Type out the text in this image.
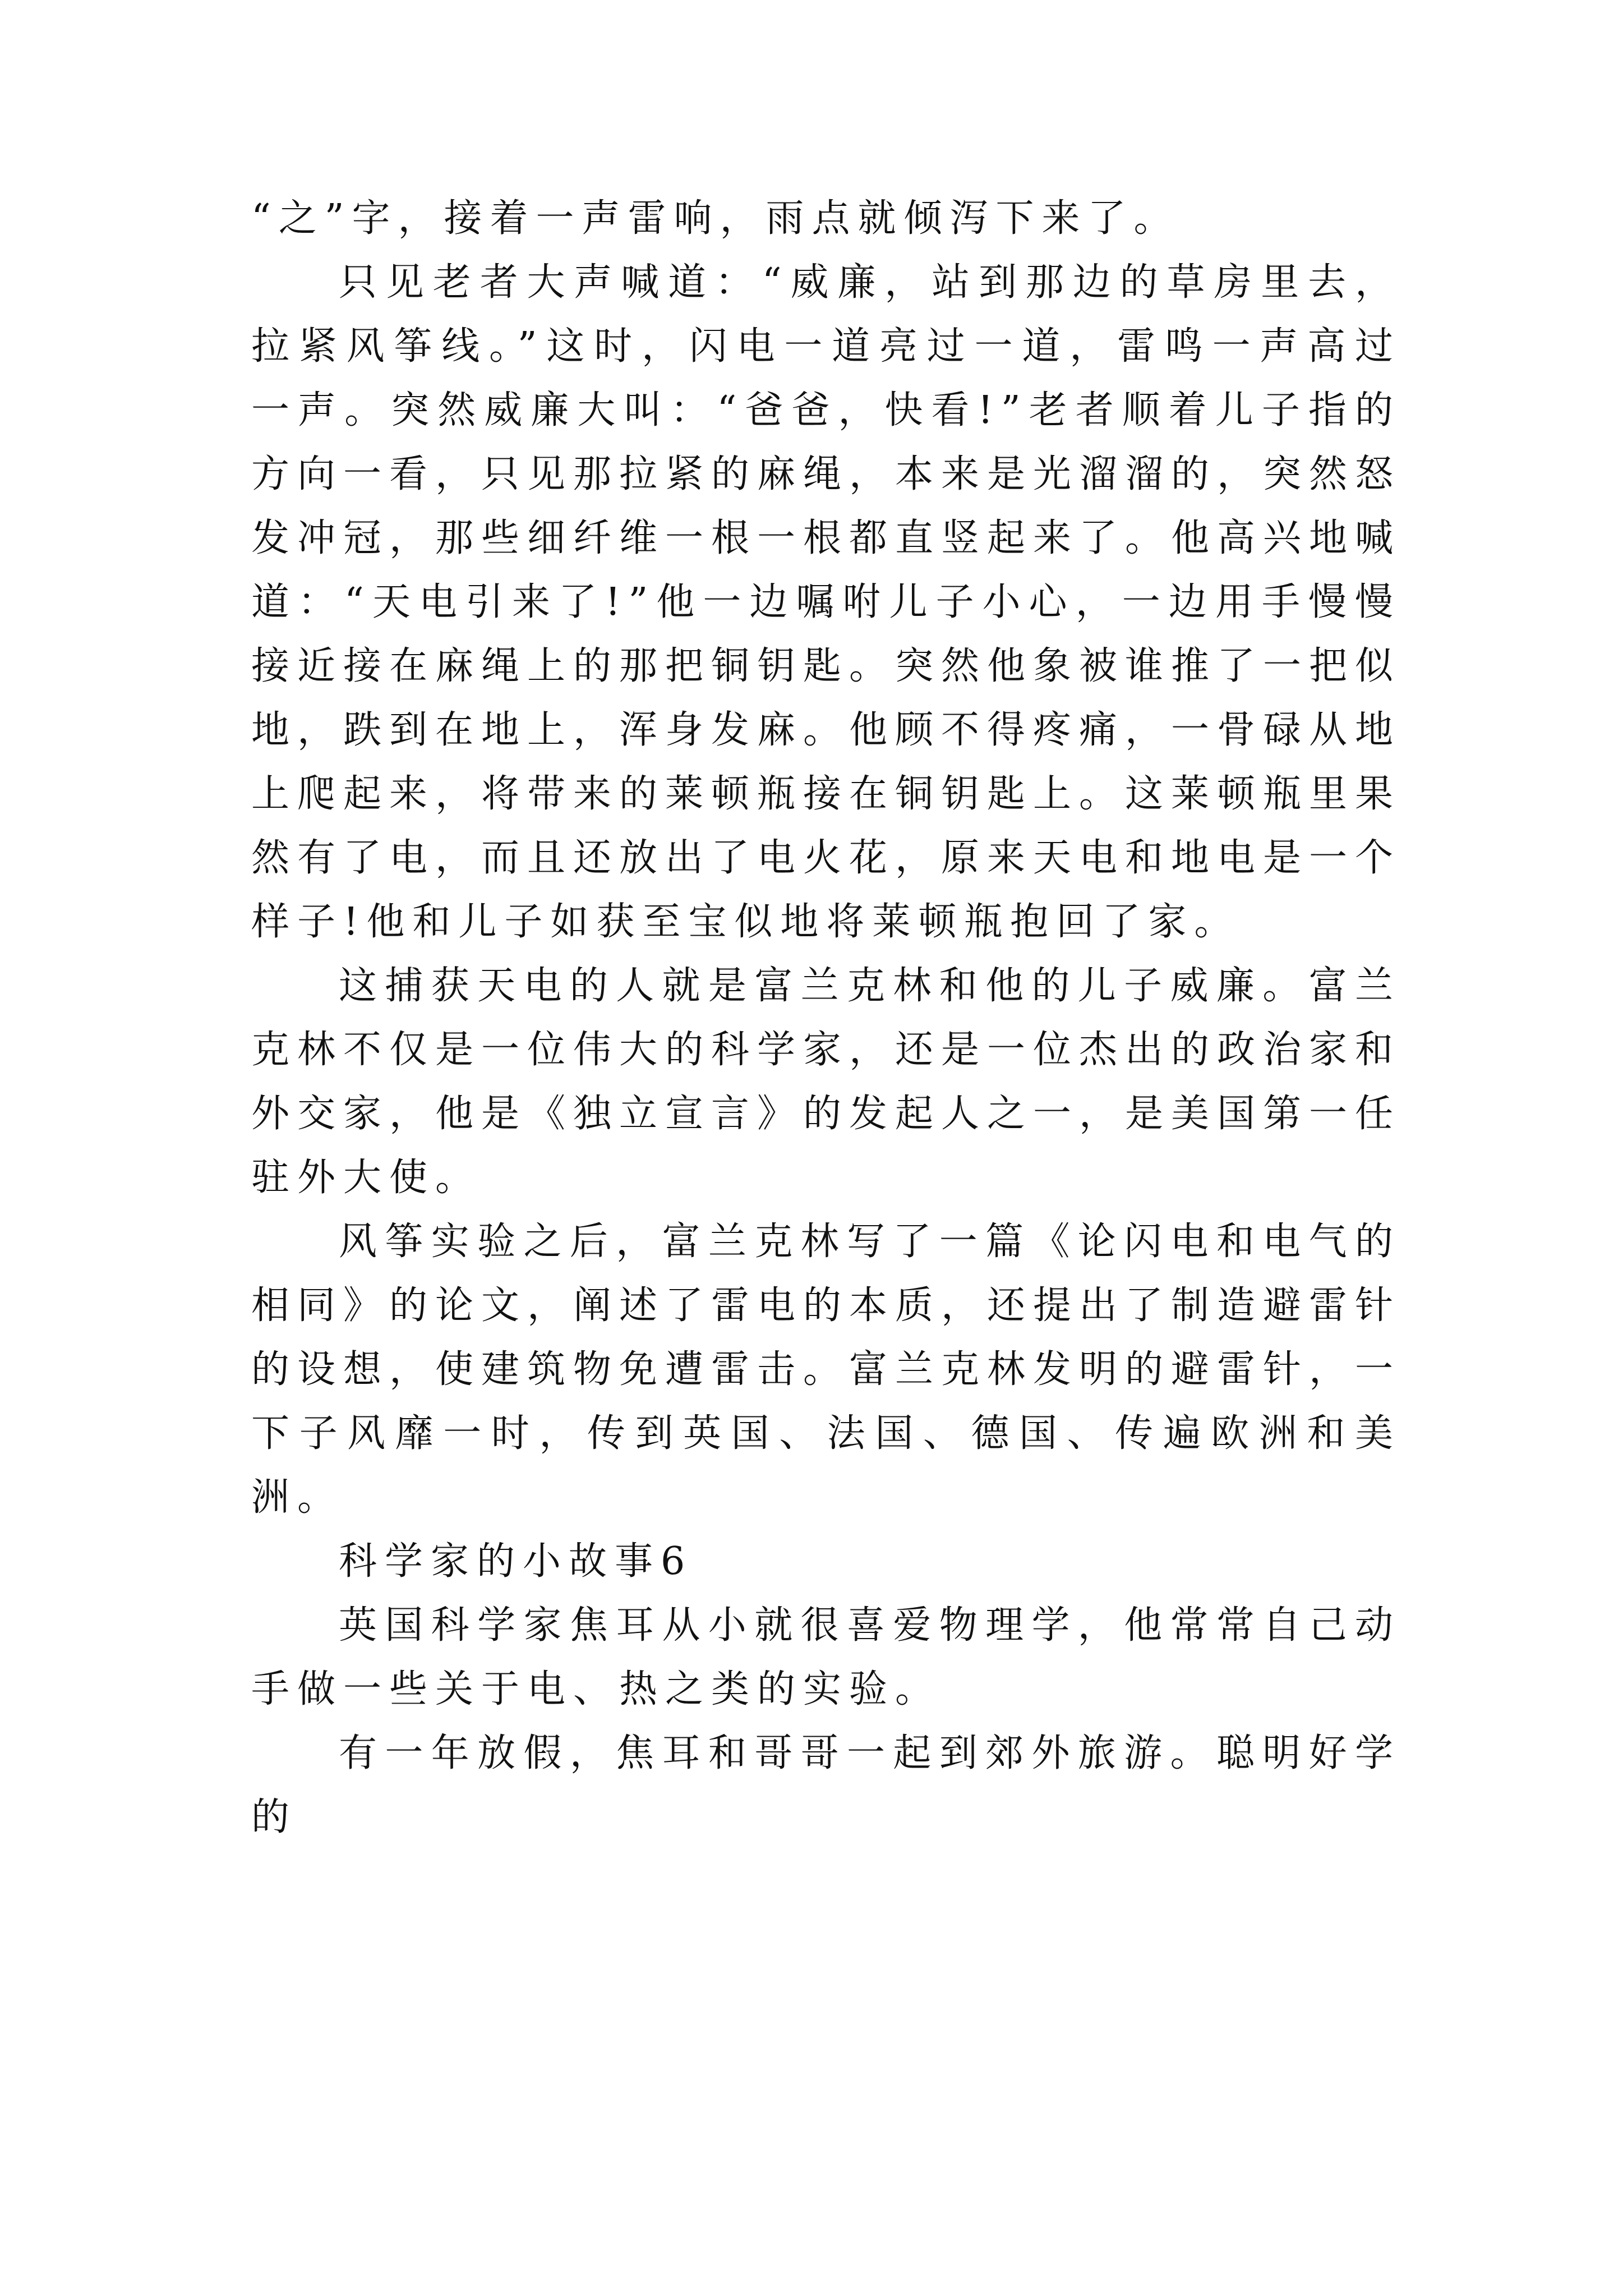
“之”字，接着一声雷响，雨点就倾泻下来了。

只见老者大声喊道：“威廉，站到那边的草房里去，拉紧风筝线。”这时，闪电一道亮过一道，雷鸣一声高过一声。突然威廉大叫：“爸爸，快看!”老者顺着儿子指的方向一看，只见那拉紧的麻绳，本来是光溜溜的，突然怒发冲冠，那些细纤维一根一根都直竖起来了。他高兴地喊道：“天电引来了!”他一边嘱咐儿子小心，一边用手慢慢接近接在麻绳上的那把铜钥匙。突然他象被谁推了一把似地，跌到在地上，浑身发麻。他顾不得疼痛，一骨碌从地上爬起来，将带来的莱顿瓶接在铜钥匙上。这莱顿瓶里果然有了电，而且还放出了电火花，原来天电和地电是一个样子!他和儿子如获至宝似地将莱顿瓶抱回了家。

这捕获天电的人就是富兰克林和他的儿子威廉。富兰克林不仅是一位伟大的科学家，还是一位杰出的政治家和外交家，他是《独立宣言》的发起人之一，是美国第一任驻外大使。

风筝实验之后，富兰克林写了一篇《论闪电和电气的相同》的论文，阐述了雷电的本质，还提出了制造避雷针的设想，使建筑物免遭雷击。富兰克林发明的避雷针，一下子风靡一时，传到英国、法国、德国、传遍欧洲和美洲。

科学家的小故事6

英国科学家焦耳从小就很喜爱物理学，他常常自己动手做一些关于电、热之类的实验。

有一年放假，焦耳和哥哥一起到郊外旅游。聪明好学的
